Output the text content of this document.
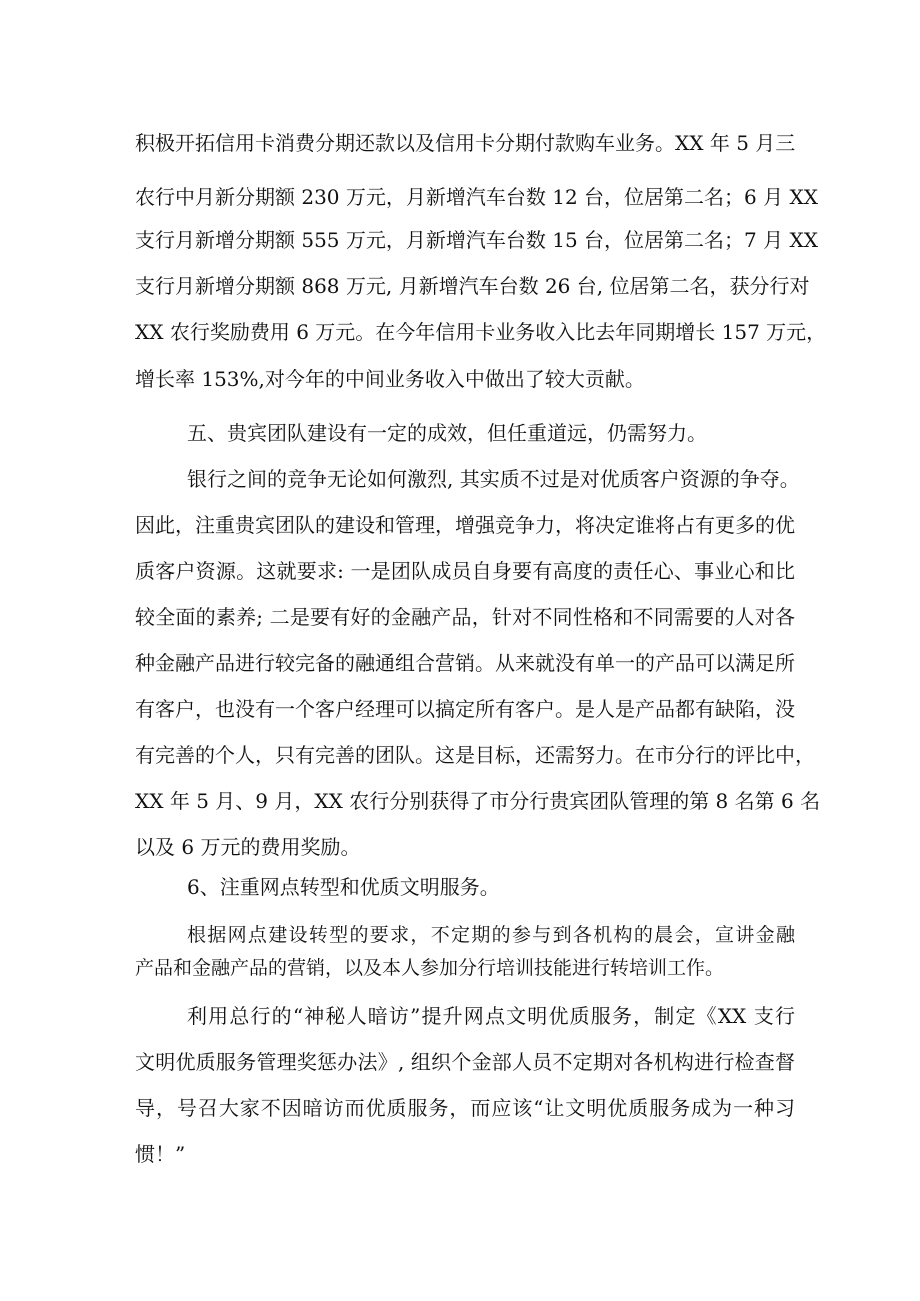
积极开拓信用卡消费分期还款以及信用卡分期付款购车业务。XX 年 5 月三
农行中月新分期额 230 万元，月新增汽车台数 12 台，位居第二名；6 月 XX
支行月新增分期额 555 万元，月新增汽车台数 15 台，位居第二名；7 月 XX
支行月新增分期额 868 万元, 月新增汽车台数 26 台, 位居第二名，获分行对
XX 农行奖励费用 6 万元。在今年信用卡业务收入比去年同期增长 157 万元，
增长率 153%,对今年的中间业务收入中做出了较大贡献。
五、贵宾团队建设有一定的成效，但任重道远，仍需努力。
银行之间的竞争无论如何激烈, 其实质不过是对优质客户资源的争夺。
因此，注重贵宾团队的建设和管理，增强竞争力，将决定谁将占有更多的优
质客户资源。这就要求: 一是团队成员自身要有高度的责任心、事业心和比
较全面的素养; 二是要有好的金融产品，针对不同性格和不同需要的人对各
种金融产品进行较完备的融通组合营销。从来就没有单一的产品可以满足所
有客户，也没有一个客户经理可以搞定所有客户。是人是产品都有缺陷，没
有完善的个人，只有完善的团队。这是目标，还需努力。在市分行的评比中，
XX 年 5 月、9 月，XX 农行分别获得了市分行贵宾团队管理的第 8 名第 6 名
以及 6 万元的费用奖励。
6、注重网点转型和优质文明服务。
根据网点建设转型的要求，不定期的参与到各机构的晨会，宣讲金融
产品和金融产品的营销，以及本人参加分行培训技能进行转培训工作。
利用总行的“神秘人暗访”提升网点文明优质服务，制定《XX 支行
文明优质服务管理奖惩办法》, 组织个金部人员不定期对各机构进行检查督
导，号召大家不因暗访而优质服务，而应该“让文明优质服务成为一种习
惯！”
